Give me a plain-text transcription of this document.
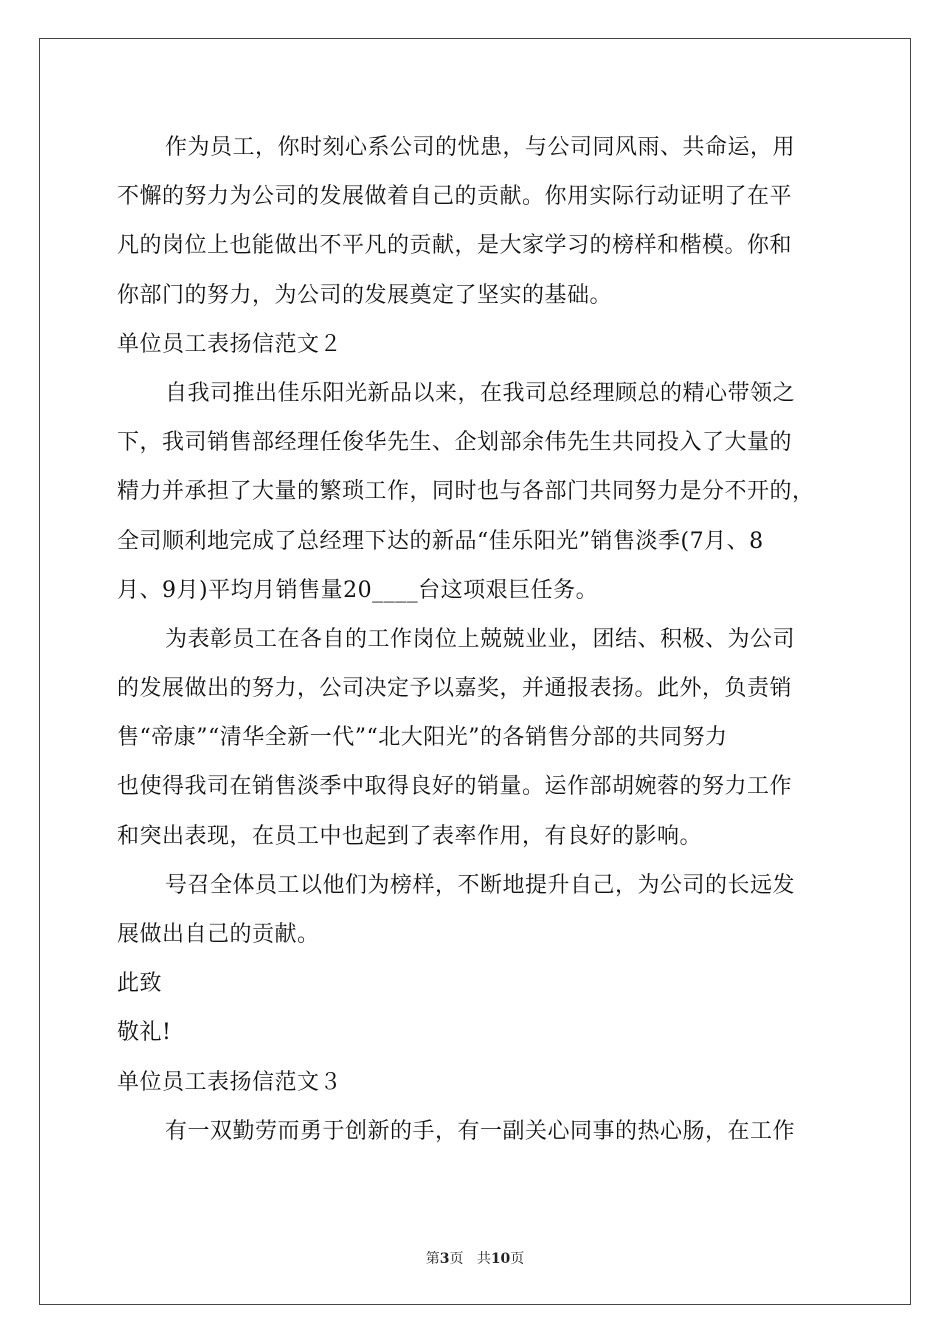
作为员工，你时刻心系公司的忧患，与公司同风雨、共命运，用
不懈的努力为公司的发展做着自己的贡献。你用实际行动证明了在平
凡的岗位上也能做出不平凡的贡献，是大家学习的榜样和楷模。你和
你部门的努力，为公司的发展奠定了坚实的基础。
单位员工表扬信范文２
自我司推出佳乐阳光新品以来，在我司总经理顾总的精心带领之
下，我司销售部经理任俊华先生、企划部余伟先生共同投入了大量的
精力并承担了大量的繁琐工作，同时也与各部门共同努力是分不开的，
全司顺利地完成了总经理下达的新品“佳乐阳光”销售淡季(7月、8
月、9月)平均月销售量20____台这项艰巨任务。
为表彰员工在各自的工作岗位上兢兢业业，团结、积极、为公司
的发展做出的努力，公司决定予以嘉奖，并通报表扬。此外，负责销
售“帝康”“清华全新一代”“北大阳光”的各销售分部的共同努力
也使得我司在销售淡季中取得良好的销量。运作部胡婉蓉的努力工作
和突出表现，在员工中也起到了表率作用，有良好的影响。
号召全体员工以他们为榜样，不断地提升自己，为公司的长远发
展做出自己的贡献。
此致
敬礼!
单位员工表扬信范文３
有一双勤劳而勇于创新的手，有一副关心同事的热心肠，在工作
第3页 共10页
